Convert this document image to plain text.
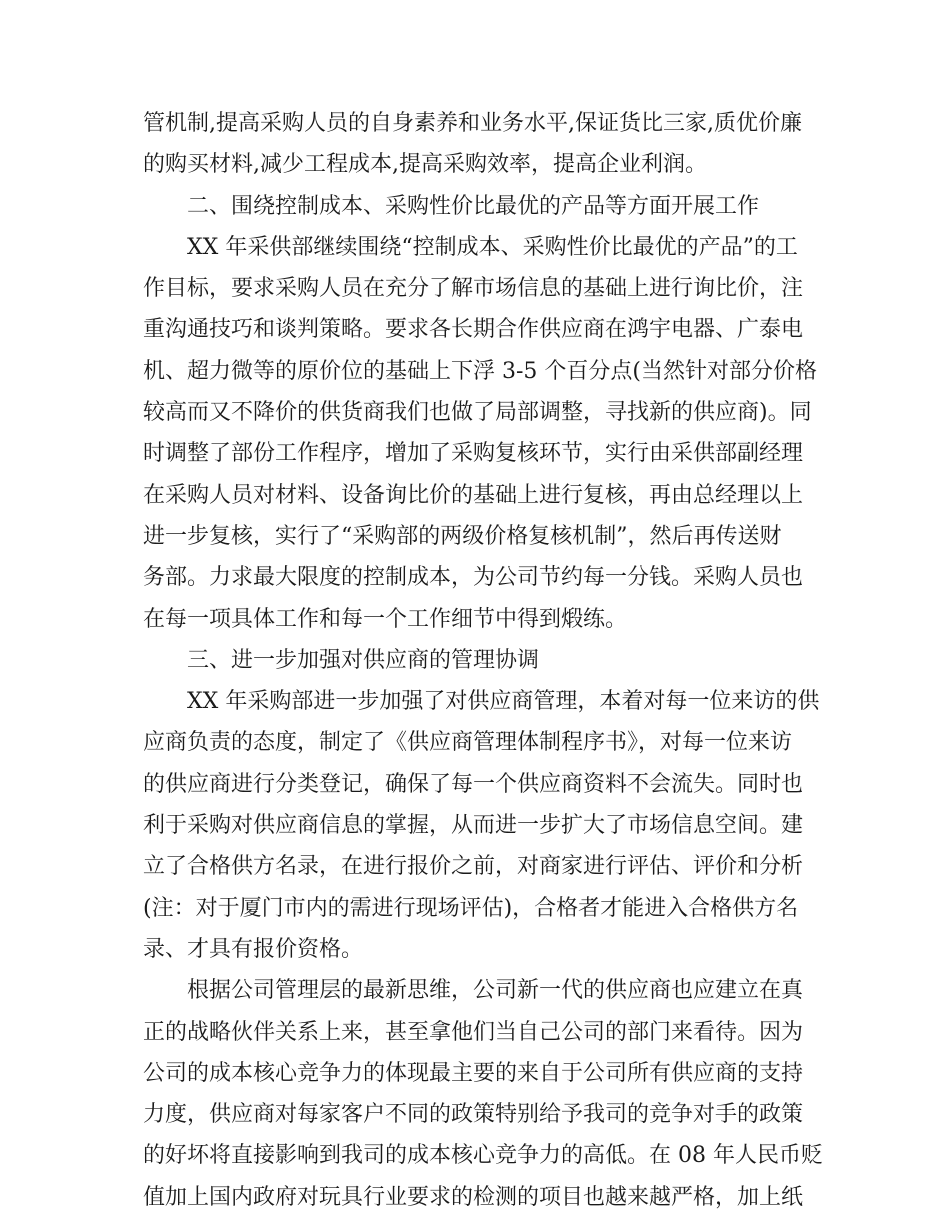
管机制,提高采购人员的自身素养和业务水平,保证货比三家,质优价廉
的购买材料,减少工程成本,提高采购效率，提高企业利润。

二、围绕控制成本、采购性价比最优的产品等方面开展工作

XX 年采供部继续围绕“控制成本、采购性价比最优的产品”的工
作目标，要求采购人员在充分了解市场信息的基础上进行询比价，注
重沟通技巧和谈判策略。要求各长期合作供应商在鸿宇电器、广泰电
机、超力微等的原价位的基础上下浮 3-5 个百分点(当然针对部分价格
较高而又不降价的供货商我们也做了局部调整，寻找新的供应商)。同
时调整了部份工作程序，增加了采购复核环节，实行由采供部副经理
在采购人员对材料、设备询比价的基础上进行复核，再由总经理以上
进一步复核，实行了“采购部的两级价格复核机制”，然后再传送财
务部。力求最大限度的控制成本，为公司节约每一分钱。采购人员也
在每一项具体工作和每一个工作细节中得到煅练。

三、进一步加强对供应商的管理协调

XX 年采购部进一步加强了对供应商管理，本着对每一位来访的供
应商负责的态度，制定了《供应商管理体制程序书》，对每一位来访
的供应商进行分类登记，确保了每一个供应商资料不会流失。同时也
利于采购对供应商信息的掌握，从而进一步扩大了市场信息空间。建
立了合格供方名录，在进行报价之前，对商家进行评估、评价和分析
(注：对于厦门市内的需进行现场评估)，合格者才能进入合格供方名
录、才具有报价资格。

根据公司管理层的最新思维，公司新一代的供应商也应建立在真
正的战略伙伴关系上来，甚至拿他们当自己公司的部门来看待。因为
公司的成本核心竞争力的体现最主要的来自于公司所有供应商的支持
力度，供应商对每家客户不同的政策特别给予我司的竞争对手的政策
的好坏将直接影响到我司的成本核心竞争力的高低。在 08 年人民币贬
值加上国内政府对玩具行业要求的检测的项目也越来越严格，加上纸
